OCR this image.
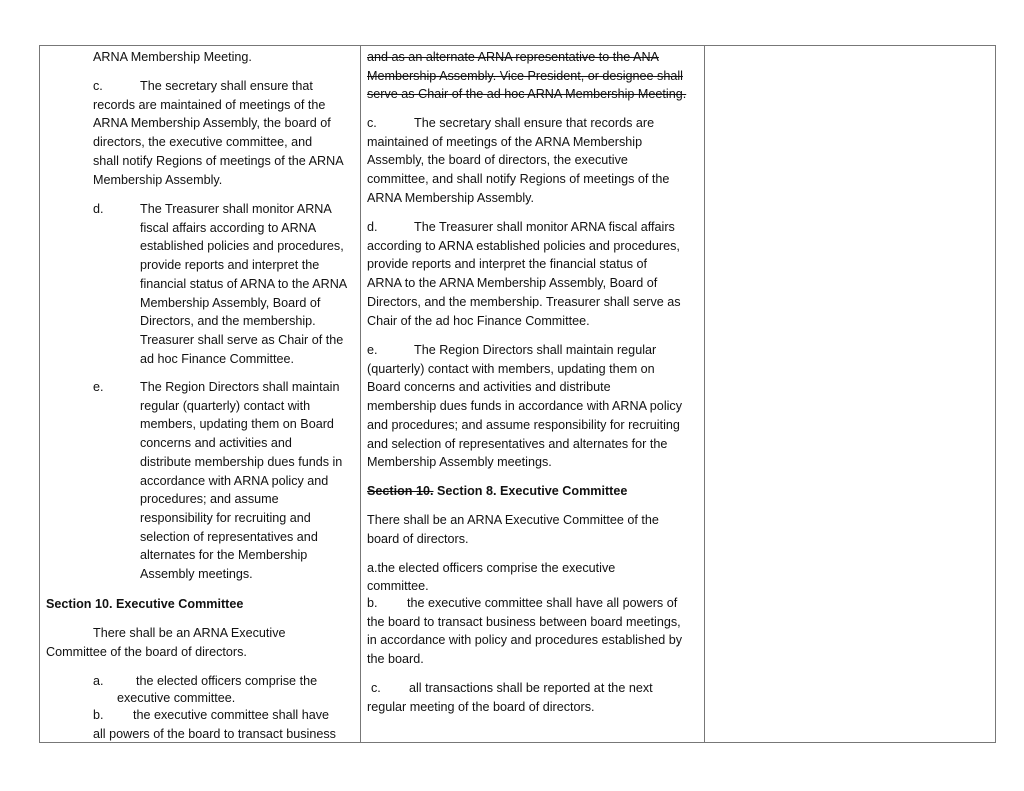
ARNA Membership Meeting.
c.	The secretary shall ensure that
records are maintained of meetings of the
ARNA Membership Assembly, the board of
directors, the executive committee, and
shall notify Regions of meetings of the ARNA
Membership Assembly.
d.	The Treasurer shall monitor ARNA
fiscal affairs according to ARNA
established policies and procedures,
provide reports and interpret the
financial status of ARNA to the ARNA
Membership Assembly, Board of
Directors, and the membership.
Treasurer shall serve as Chair of the
ad hoc Finance Committee.
e.	The Region Directors shall maintain
regular (quarterly) contact with
members, updating them on Board
concerns and activities and
distribute membership dues funds in
accordance with ARNA policy and
procedures; and assume
responsibility for recruiting and
selection of representatives and
alternates for the Membership
Assembly meetings.
Section 10. Executive Committee
There shall be an ARNA Executive
Committee of the board of directors.
a.	the elected officers comprise the
executive committee.
b. the executive committee shall have
all powers of the board to transact business
and as an alternate ARNA representative to the ANA
Membership Assembly. Vice President, or designee shall
serve as Chair of the ad hoc ARNA Membership Meeting.
c.	The secretary shall ensure that records are
maintained of meetings of the ARNA Membership
Assembly, the board of directors, the executive
committee, and shall notify Regions of meetings of the
ARNA Membership Assembly.
d.	The Treasurer shall monitor ARNA fiscal affairs
according to ARNA established policies and procedures,
provide reports and interpret the financial status of
ARNA to the ARNA Membership Assembly, Board of
Directors, and the membership. Treasurer shall serve as
Chair of the ad hoc Finance Committee.
e.	The Region Directors shall maintain regular
(quarterly) contact with members, updating them on
Board concerns and activities and distribute
membership dues funds in accordance with ARNA policy
and procedures; and assume responsibility for recruiting
and selection of representatives and alternates for the
Membership Assembly meetings.
Section 10. Section 8. Executive Committee
There shall be an ARNA Executive Committee of the
board of directors.
a.the elected officers comprise the executive
committee.
b. the executive committee shall have all powers of
the board to transact business between board meetings,
in accordance with policy and procedures established by
the board.
c. all transactions shall be reported at the next
regular meeting of the board of directors.
